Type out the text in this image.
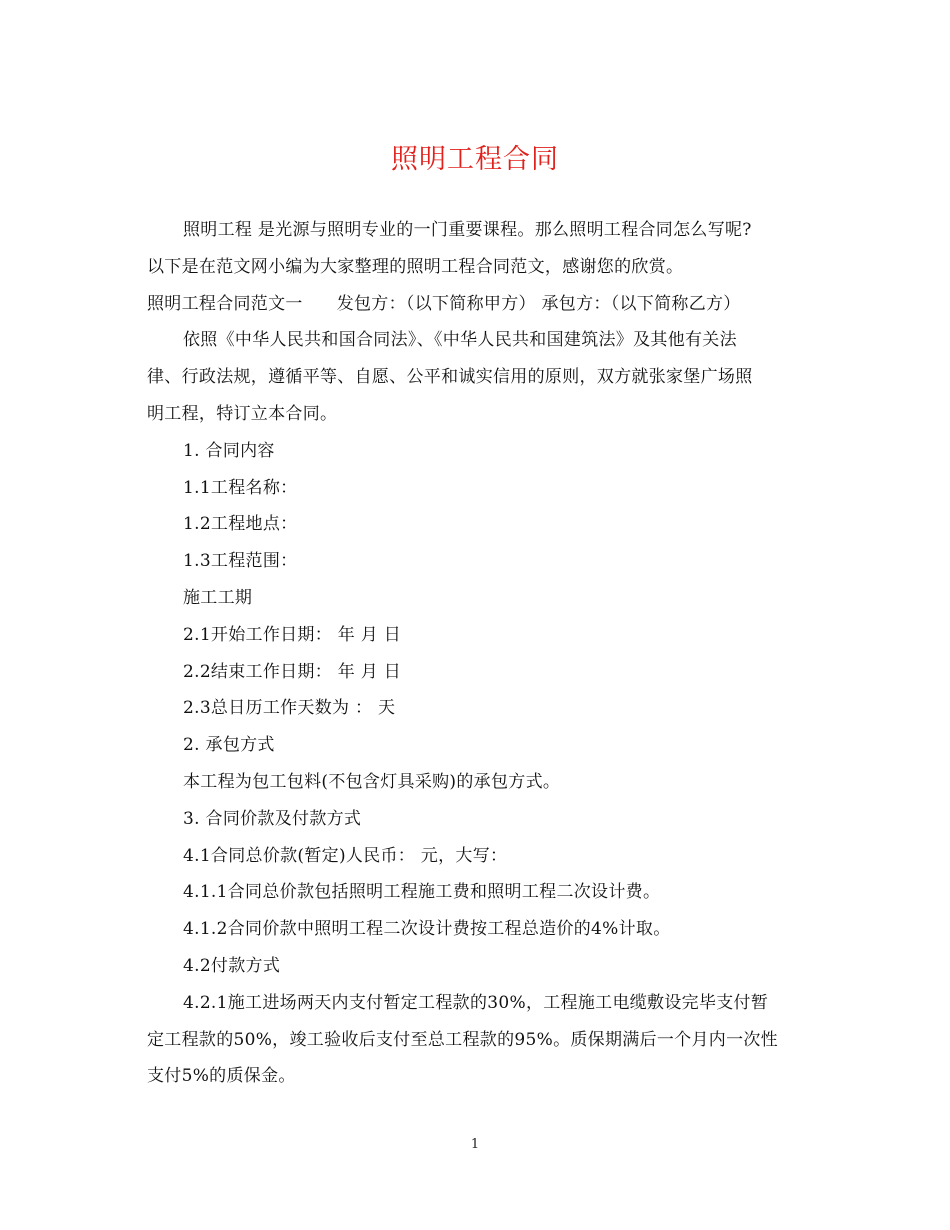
照明工程合同
照明工程 是光源与照明专业的一门重要课程。那么照明工程合同怎么写呢?
以下是在范文网小编为大家整理的照明工程合同范文，感谢您的欣赏。
照明工程合同范文一 发包方：（以下简称甲方） 承包方：（以下简称乙方）
依照《中华人民共和国合同法》、《中华人民共和国建筑法》及其他有关法
律、行政法规，遵循平等、自愿、公平和诚实信用的原则，双方就张家堡广场照
明工程，特订立本合同。
1. 合同内容
1.1工程名称：
1.2工程地点：
1.3工程范围：
施工工期
2.1开始工作日期： 年 月 日
2.2结束工作日期： 年 月 日
2.3总日历工作天数为 ： 天
2. 承包方式
本工程为包工包料(不包含灯具采购)的承包方式。
3. 合同价款及付款方式
4.1合同总价款(暂定)人民币： 元，大写：
4.1.1合同总价款包括照明工程施工费和照明工程二次设计费。
4.1.2合同价款中照明工程二次设计费按工程总造价的4%计取。
4.2付款方式
4.2.1施工进场两天内支付暂定工程款的30%，工程施工电缆敷设完毕支付暂
定工程款的50%，竣工验收后支付至总工程款的95%。质保期满后一个月内一次性
支付5%的质保金。
1
